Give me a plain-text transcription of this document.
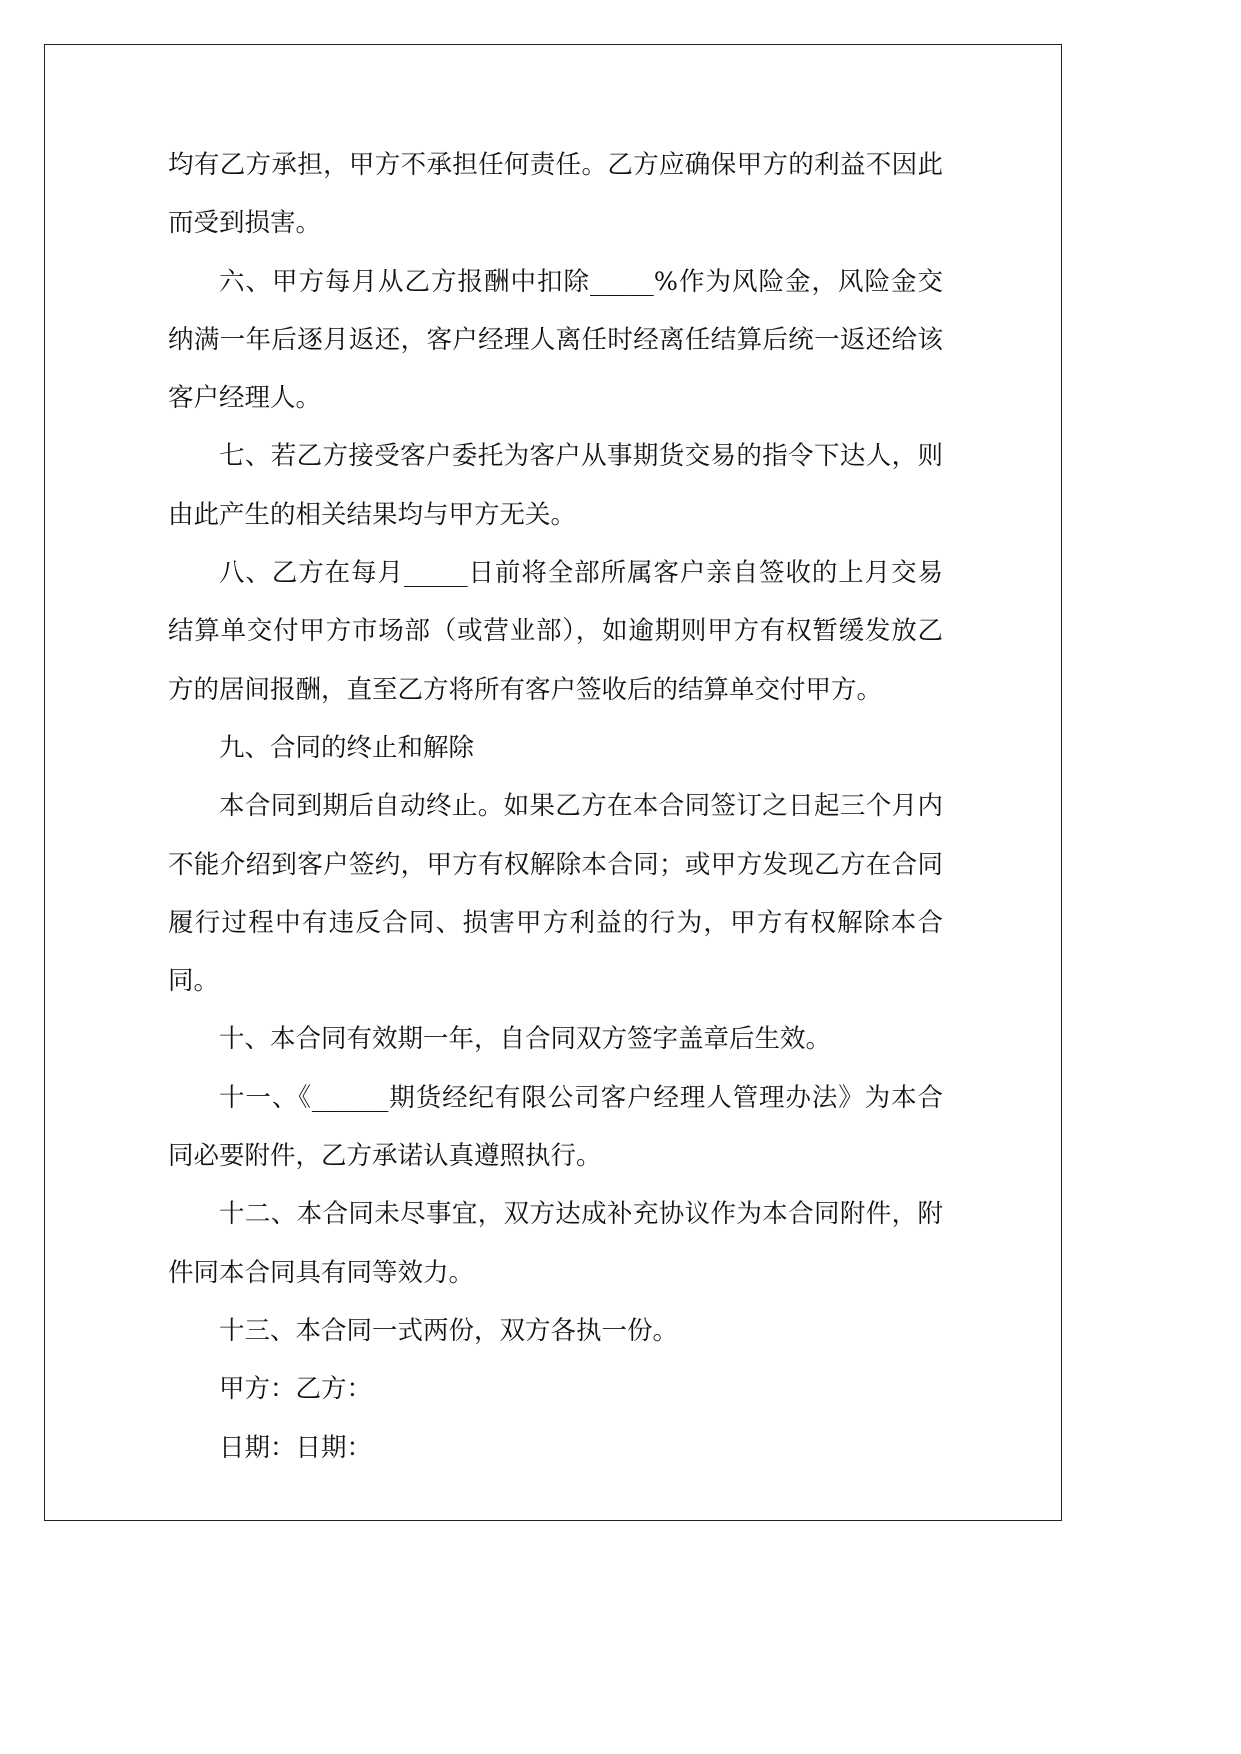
均有乙方承担，甲方不承担任何责任。乙方应确保甲方的利益不因此而受到损害。

六、甲方每月从乙方报酬中扣除_____%作为风险金，风险金交纳满一年后逐月返还，客户经理人离任时经离任结算后统一返还给该客户经理人。

七、若乙方接受客户委托为客户从事期货交易的指令下达人，则由此产生的相关结果均与甲方无关。

八、乙方在每月_____日前将全部所属客户亲自签收的上月交易结算单交付甲方市场部（或营业部），如逾期则甲方有权暂缓发放乙方的居间报酬，直至乙方将所有客户签收后的结算单交付甲方。

九、合同的终止和解除

本合同到期后自动终止。如果乙方在本合同签订之日起三个月内不能介绍到客户签约，甲方有权解除本合同；或甲方发现乙方在合同履行过程中有违反合同、损害甲方利益的行为，甲方有权解除本合同。

十、本合同有效期一年，自合同双方签字盖章后生效。

十一、《______期货经纪有限公司客户经理人管理办法》为本合同必要附件，乙方承诺认真遵照执行。

十二、本合同未尽事宜，双方达成补充协议作为本合同附件，附件同本合同具有同等效力。

十三、本合同一式两份，双方各执一份。

甲方：乙方：

日期：日期：
